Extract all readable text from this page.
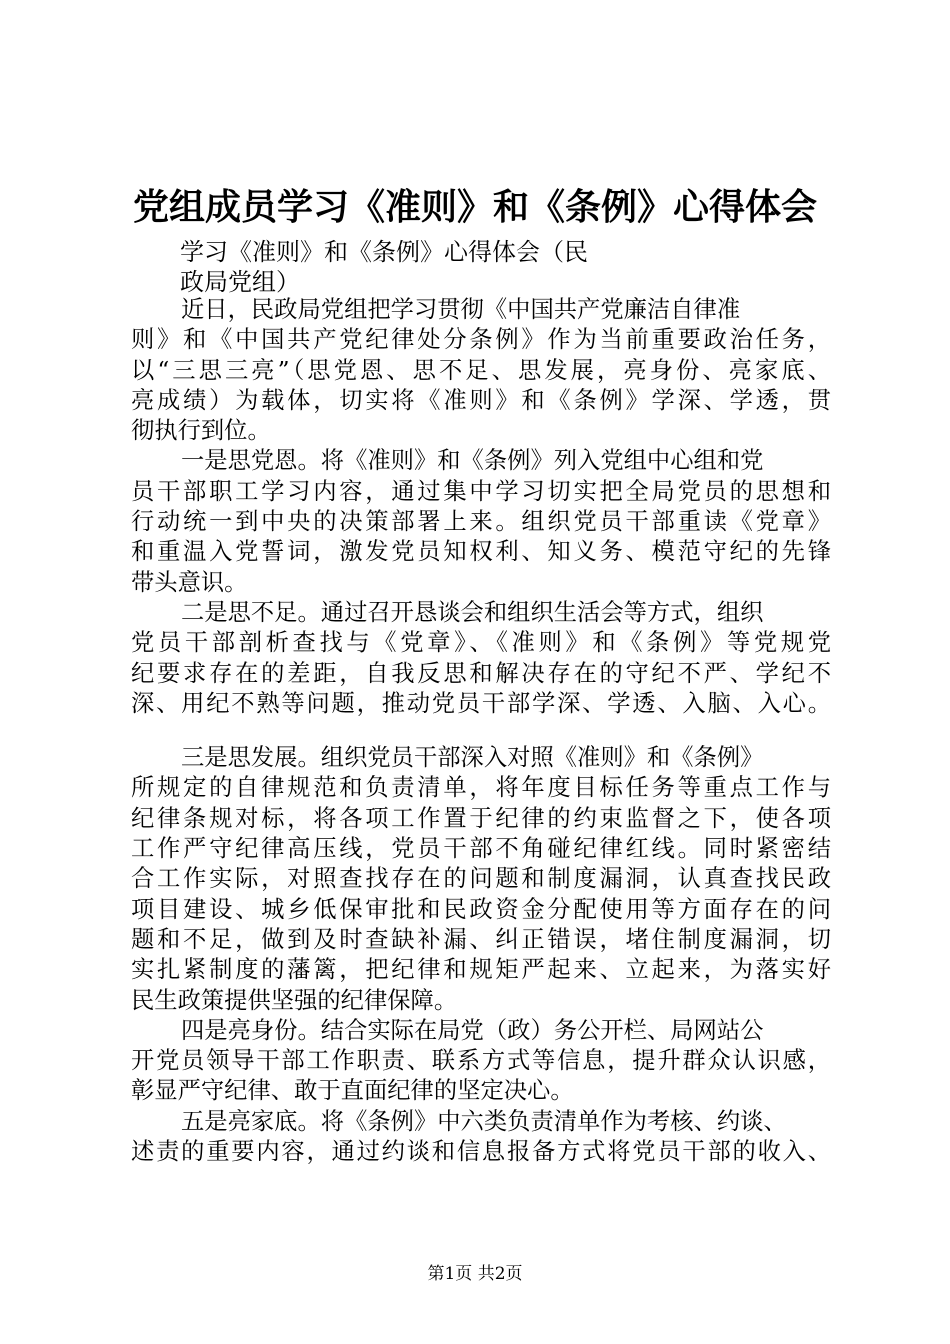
党组成员学习《准则》和《条例》心得体会
学习《准则》和《条例》心得体会（民
政局党组）
近日，民政局党组把学习贯彻《中国共产党廉洁自律准
则》和《中国共产党纪律处分条例》作为当前重要政治任务，
以“三思三亮”（思党恩、思不足、思发展，亮身份、亮家底、
亮成绩）为载体，切实将《准则》和《条例》学深、学透，贯
彻执行到位。
一是思党恩。将《准则》和《条例》列入党组中心组和党
员干部职工学习内容，通过集中学习切实把全局党员的思想和
行动统一到中央的决策部署上来。组织党员干部重读《党章》
和重温入党誓词，激发党员知权利、知义务、模范守纪的先锋
带头意识。
二是思不足。通过召开恳谈会和组织生活会等方式，组织
党员干部剖析查找与《党章》、《准则》和《条例》等党规党
纪要求存在的差距，自我反思和解决存在的守纪不严、学纪不
深、用纪不熟等问题，推动党员干部学深、学透、入脑、入心。
三是思发展。组织党员干部深入对照《准则》和《条例》
所规定的自律规范和负责清单，将年度目标任务等重点工作与
纪律条规对标，将各项工作置于纪律的约束监督之下，使各项
工作严守纪律高压线，党员干部不角碰纪律红线。同时紧密结
合工作实际，对照查找存在的问题和制度漏洞，认真查找民政
项目建设、城乡低保审批和民政资金分配使用等方面存在的问
题和不足，做到及时查缺补漏、纠正错误，堵住制度漏洞，切
实扎紧制度的藩篱，把纪律和规矩严起来、立起来，为落实好
民生政策提供坚强的纪律保障。
四是亮身份。结合实际在局党（政）务公开栏、局网站公
开党员领导干部工作职责、联系方式等信息，提升群众认识感，
彰显严守纪律、敢于直面纪律的坚定决心。
五是亮家底。将《条例》中六类负责清单作为考核、约谈、
述责的重要内容，通过约谈和信息报备方式将党员干部的收入、
第1页 共2页
